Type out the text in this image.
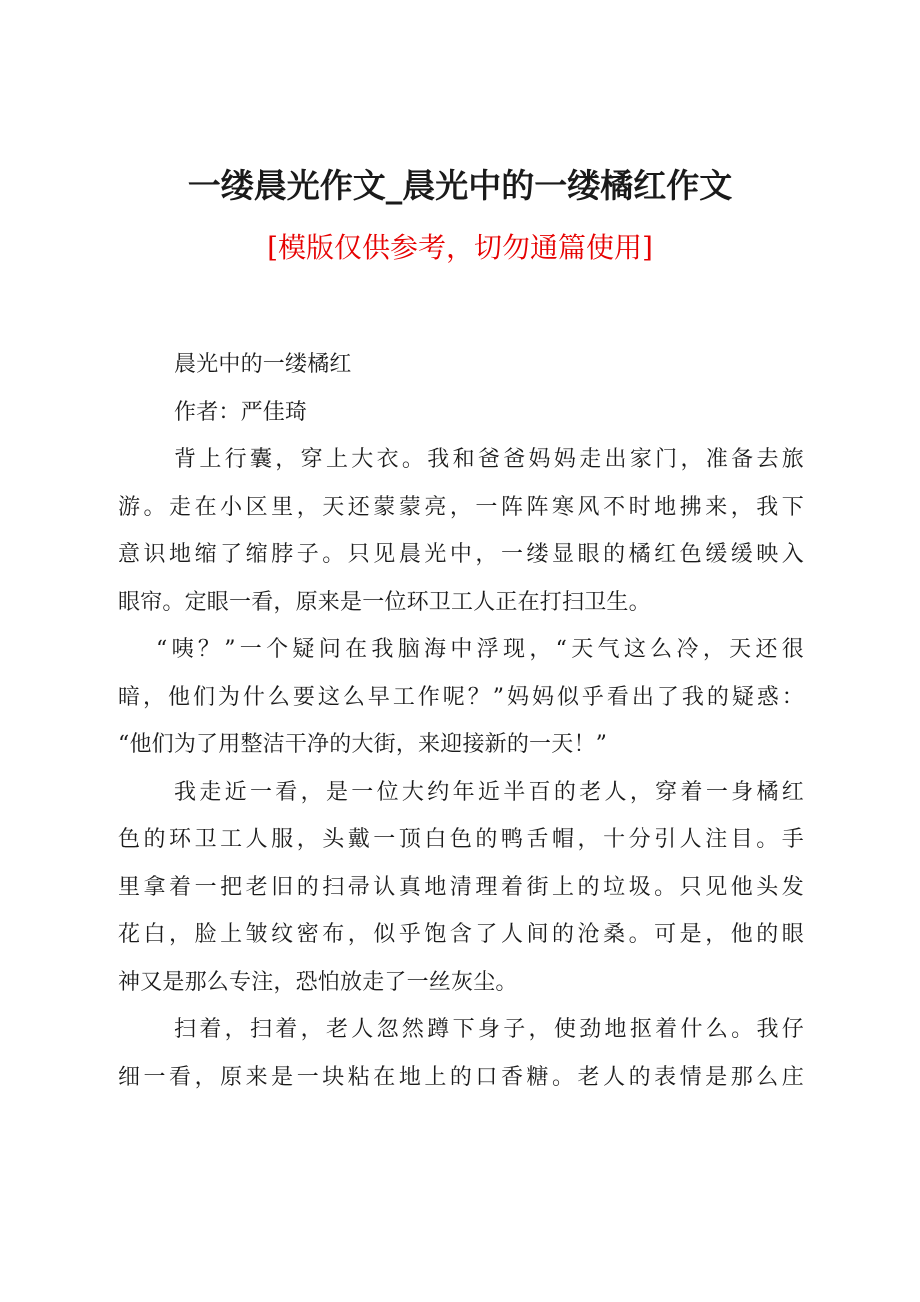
一缕晨光作文_晨光中的一缕橘红作文
[模版仅供参考，切勿通篇使用]
晨光中的一缕橘红
作者：严佳琦
背上行囊，穿上大衣。我和爸爸妈妈走出家门，准备去旅
游。走在小区里，天还蒙蒙亮，一阵阵寒风不时地拂来，我下
意识地缩了缩脖子。只见晨光中，一缕显眼的橘红色缓缓映入
眼帘。定眼一看，原来是一位环卫工人正在打扫卫生。
“咦？”一个疑问在我脑海中浮现，“天气这么冷，天还很
暗，他们为什么要这么早工作呢？”妈妈似乎看出了我的疑惑：
“他们为了用整洁干净的大街，来迎接新的一天！”
我走近一看，是一位大约年近半百的老人，穿着一身橘红
色的环卫工人服，头戴一顶白色的鸭舌帽，十分引人注目。手
里拿着一把老旧的扫帚认真地清理着街上的垃圾。只见他头发
花白，脸上皱纹密布，似乎饱含了人间的沧桑。可是，他的眼
神又是那么专注，恐怕放走了一丝灰尘。
扫着，扫着，老人忽然蹲下身子，使劲地抠着什么。我仔
细一看，原来是一块粘在地上的口香糖。老人的表情是那么庄
